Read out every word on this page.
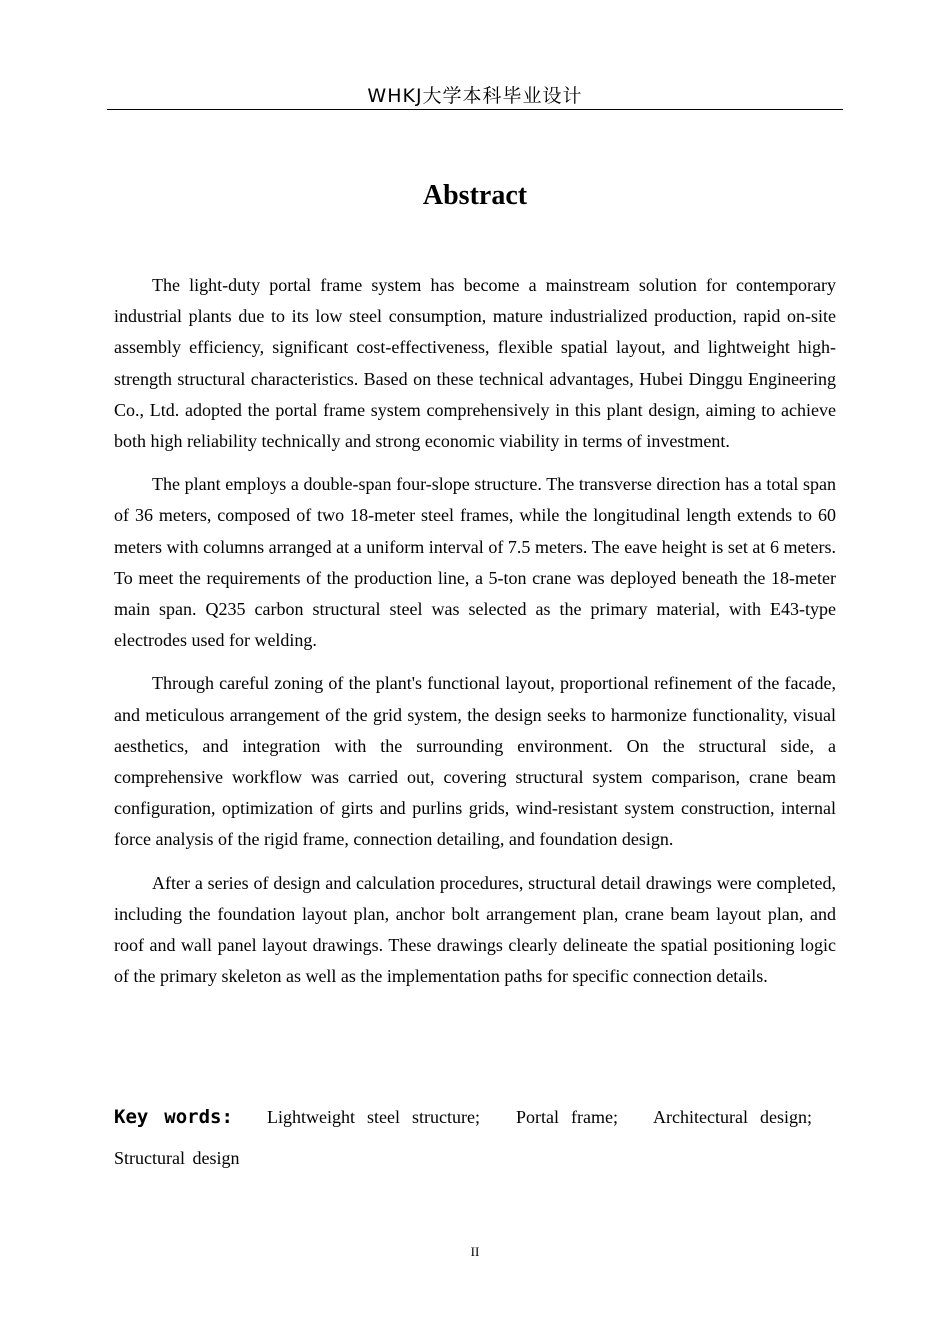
WHKJ大学本科毕业设计
Abstract

The light-duty portal frame system has become a mainstream solution for contemporary industrial plants due to its low steel consumption, mature industrialized production, rapid on-site assembly efficiency, significant cost-effectiveness, flexible spatial layout, and lightweight high-strength structural characteristics. Based on these technical advantages, Hubei Dinggu Engineering Co., Ltd. adopted the portal frame system comprehensively in this plant design, aiming to achieve both high reliability technically and strong economic viability in terms of investment.

The plant employs a double-span four-slope structure. The transverse direction has a total span of 36 meters, composed of two 18-meter steel frames, while the longitudinal length extends to 60 meters with columns arranged at a uniform interval of 7.5 meters. The eave height is set at 6 meters. To meet the requirements of the production line, a 5-ton crane was deployed beneath the 18-meter main span. Q235 carbon structural steel was selected as the primary material, with E43-type electrodes used for welding.

Through careful zoning of the plant's functional layout, proportional refinement of the facade, and meticulous arrangement of the grid system, the design seeks to harmonize functionality, visual aesthetics, and integration with the surrounding environment. On the structural side, a comprehensive workflow was carried out, covering structural system comparison, crane beam configuration, optimization of girts and purlins grids, wind-resistant system construction, internal force analysis of the rigid frame, connection detailing, and foundation design.

After a series of design and calculation procedures, structural detail drawings were completed, including the foundation layout plan, anchor bolt arrangement plan, crane beam layout plan, and roof and wall panel layout drawings. These drawings clearly delineate the spatial positioning logic of the primary skeleton as well as the implementation paths for specific connection details.

Key words: Lightweight steel structure; Portal frame; Architectural design; Structural design
II
